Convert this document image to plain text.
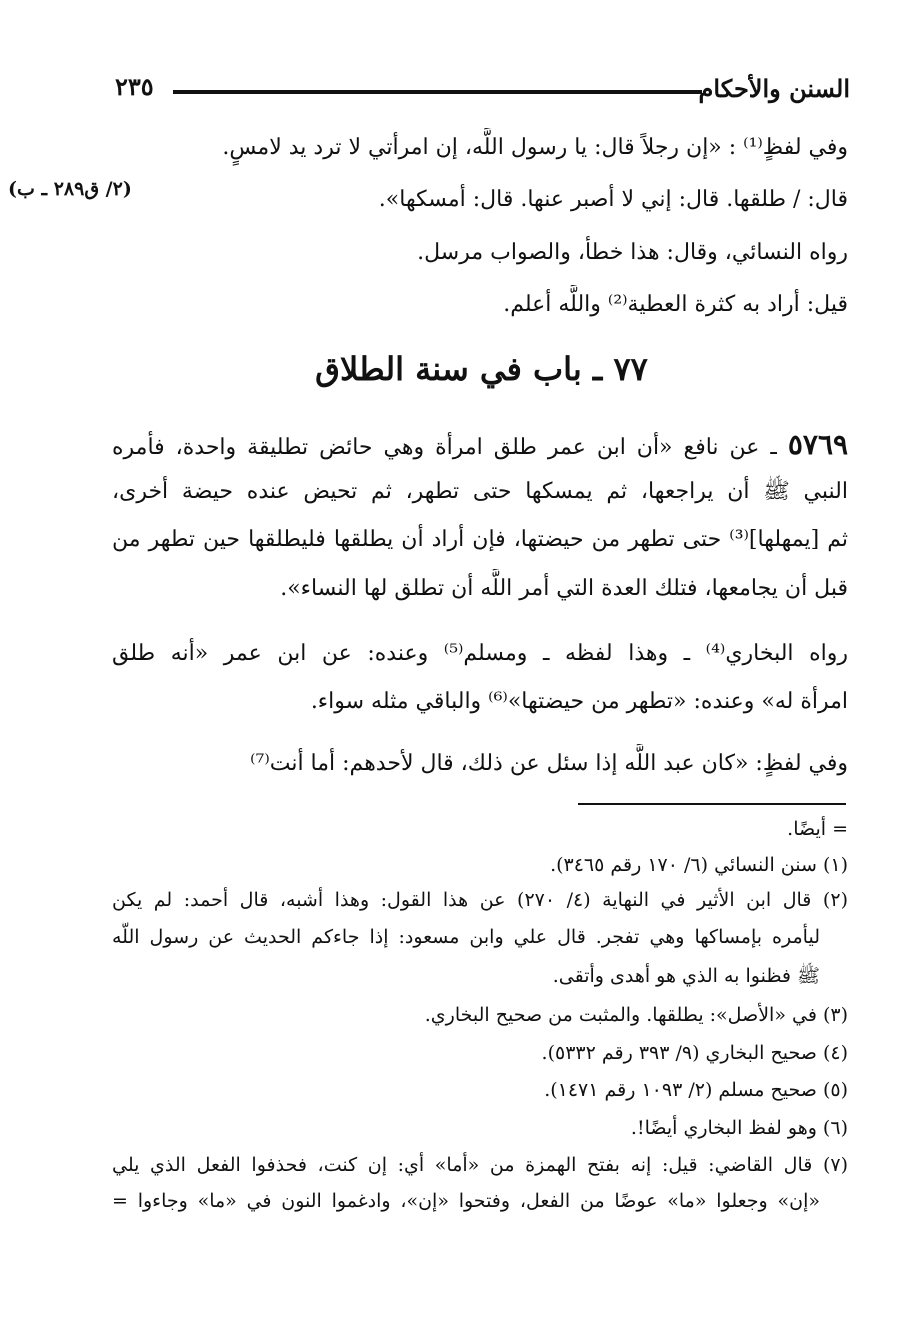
٢٣٥	السنن والأحكام
(٢/ ق٢٨٩ ـ ب)
وفي لفظٍ⁽¹⁾ : «إن رجلاً قال: يا رسول اللَّه، إن امرأتي لا ترد يد لامسٍ.
قال: / طلقها. قال: إني لا أصبر عنها. قال: أمسكها».
رواه النسائي، وقال: هذا خطأ، والصواب مرسل.
قيل: أراد به كثرة العطية⁽²⁾ واللَّه أعلم.
٧٧ ـ باب في سنة الطلاق
٥٧٦٩ ـ عن نافع «أن ابن عمر طلق امرأة وهي حائض تطليقة واحدة، فأمره
النبي ﷺ أن يراجعها، ثم يمسكها حتى تطهر، ثم تحيض عنده حيضة أخرى،
ثم [يمهلها]⁽³⁾ حتى تطهر من حيضتها، فإن أراد أن يطلقها فليطلقها حين تطهر من
قبل أن يجامعها، فتلك العدة التي أمر اللَّه أن تطلق لها النساء».
رواه البخاري⁽⁴⁾ ـ وهذا لفظه ـ ومسلم⁽⁵⁾ وعنده: عن ابن عمر «أنه طلق
امرأة له» وعنده: «تطهر من حيضتها»⁽⁶⁾ والباقي مثله سواء.
وفي لفظٍ: «كان عبد اللَّه إذا سئل عن ذلك، قال لأحدهم: أما أنت⁽⁷⁾
= أيضًا.
(١) سنن النسائي (٦/ ١٧٠ رقم ٣٤٦٥).
(٢) قال ابن الأثير في النهاية (٤/ ٢٧٠) عن هذا القول: وهذا أشبه، قال أحمد: لم يكن
ليأمره بإمساكها وهي تفجر. قال علي وابن مسعود: إذا جاءكم الحديث عن رسول اللَّه
ﷺ فظنوا به الذي هو أهدى وأتقى.
(٣) في «الأصل»: يطلقها. والمثبت من صحيح البخاري.
(٤) صحيح البخاري (٩/ ٣٩٣ رقم ٥٣٣٢).
(٥) صحيح مسلم (٢/ ١٠٩٣ رقم ١٤٧١).
(٦) وهو لفظ البخاري أيضًا!.
(٧) قال القاضي: قيل: إنه بفتح الهمزة من «أما» أي: إن كنت، فحذفوا الفعل الذي يلي
«إن» وجعلوا «ما» عوضًا من الفعل، وفتحوا «إن»، وادغموا النون في «ما» وجاءوا =
